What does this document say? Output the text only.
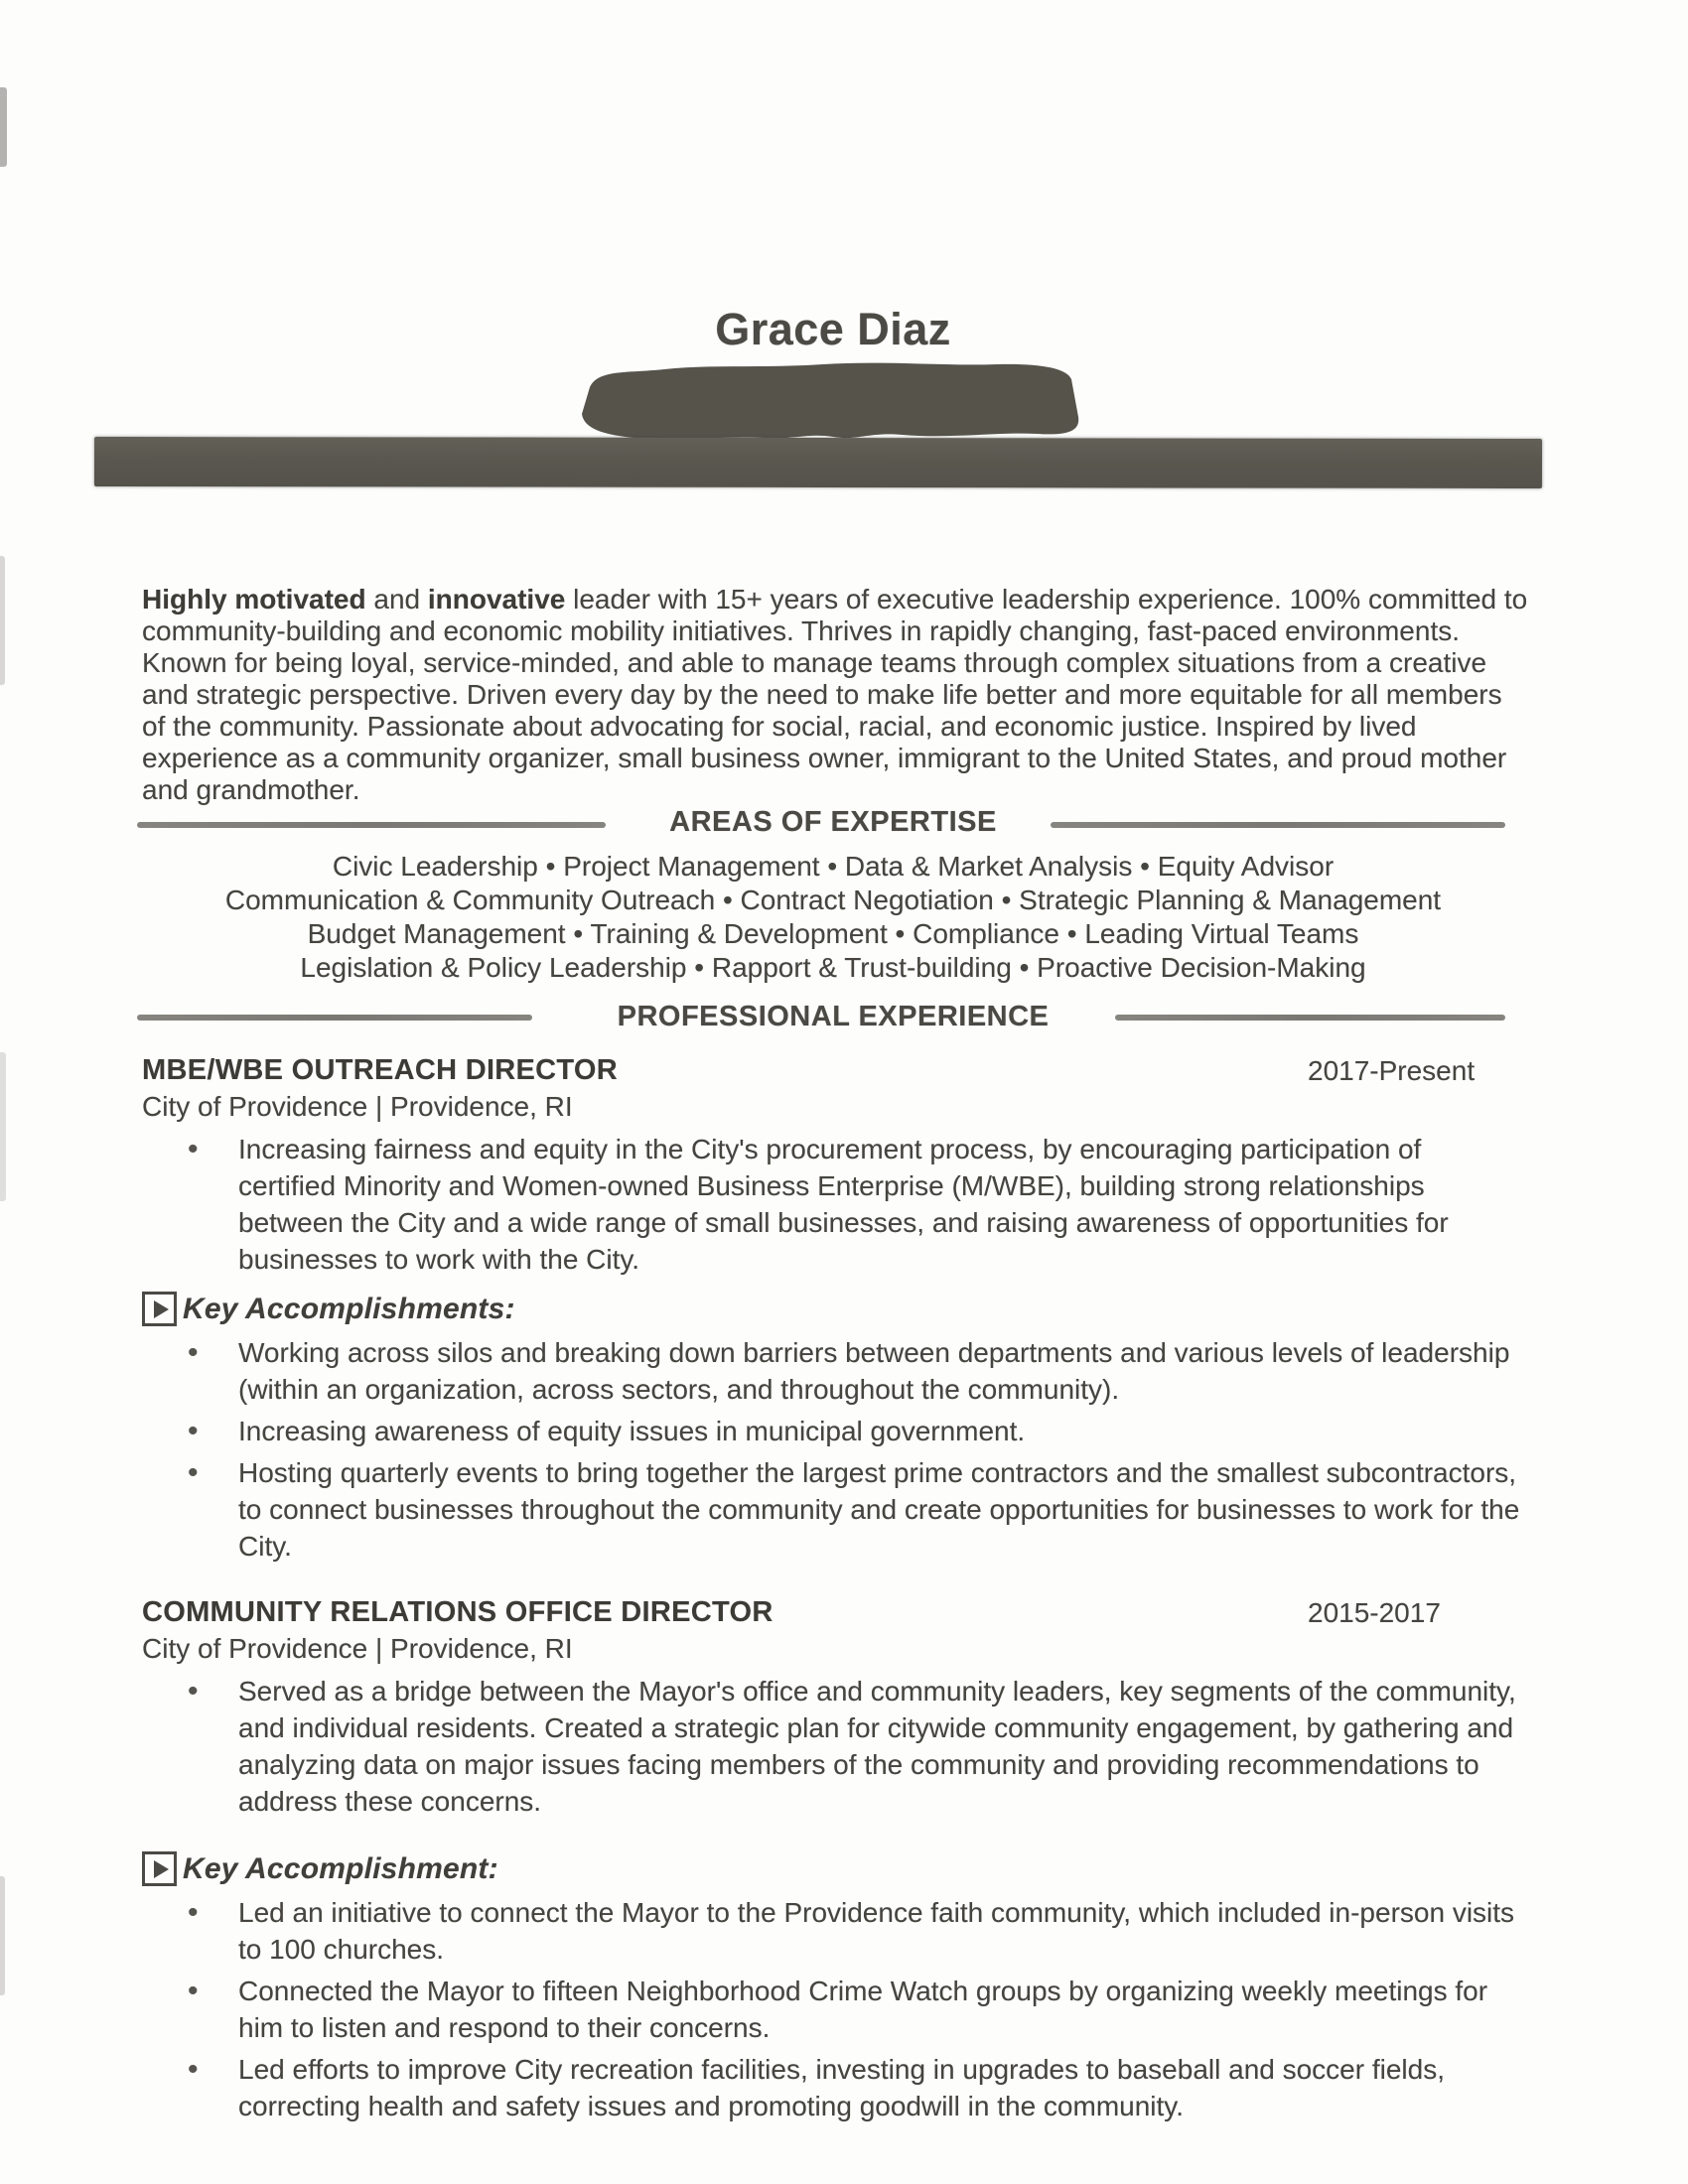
Grace Diaz

Highly motivated and innovative leader with 15+ years of executive leadership experience. 100% committed to community-building and economic mobility initiatives. Thrives in rapidly changing, fast-paced environments. Known for being loyal, service-minded, and able to manage teams through complex situations from a creative and strategic perspective. Driven every day by the need to make life better and more equitable for all members of the community. Passionate about advocating for social, racial, and economic justice. Inspired by lived experience as a community organizer, small business owner, immigrant to the United States, and proud mother and grandmother.

AREAS OF EXPERTISE
Civic Leadership • Project Management • Data & Market Analysis • Equity Advisor
Communication & Community Outreach • Contract Negotiation • Strategic Planning & Management
Budget Management • Training & Development • Compliance • Leading Virtual Teams
Legislation & Policy Leadership • Rapport & Trust-building • Proactive Decision-Making
PROFESSIONAL EXPERIENCE
MBE/WBE OUTREACH DIRECTOR	2017-Present
City of Providence | Providence, RI
• Increasing fairness and equity in the City's procurement process, by encouraging participation of certified Minority and Women-owned Business Enterprise (M/WBE), building strong relationships between the City and a wide range of small businesses, and raising awareness of opportunities for businesses to work with the City.
Key Accomplishments:
• Working across silos and breaking down barriers between departments and various levels of leadership (within an organization, across sectors, and throughout the community).
• Increasing awareness of equity issues in municipal government.
• Hosting quarterly events to bring together the largest prime contractors and the smallest subcontractors, to connect businesses throughout the community and create opportunities for businesses to work for the City.
COMMUNITY RELATIONS OFFICE DIRECTOR	2015-2017
City of Providence | Providence, RI
• Served as a bridge between the Mayor's office and community leaders, key segments of the community, and individual residents. Created a strategic plan for citywide community engagement, by gathering and analyzing data on major issues facing members of the community and providing recommendations to address these concerns.
Key Accomplishment:
• Led an initiative to connect the Mayor to the Providence faith community, which included in-person visits to 100 churches.
• Connected the Mayor to fifteen Neighborhood Crime Watch groups by organizing weekly meetings for him to listen and respond to their concerns.
• Led efforts to improve City recreation facilities, investing in upgrades to baseball and soccer fields, correcting health and safety issues and promoting goodwill in the community.
